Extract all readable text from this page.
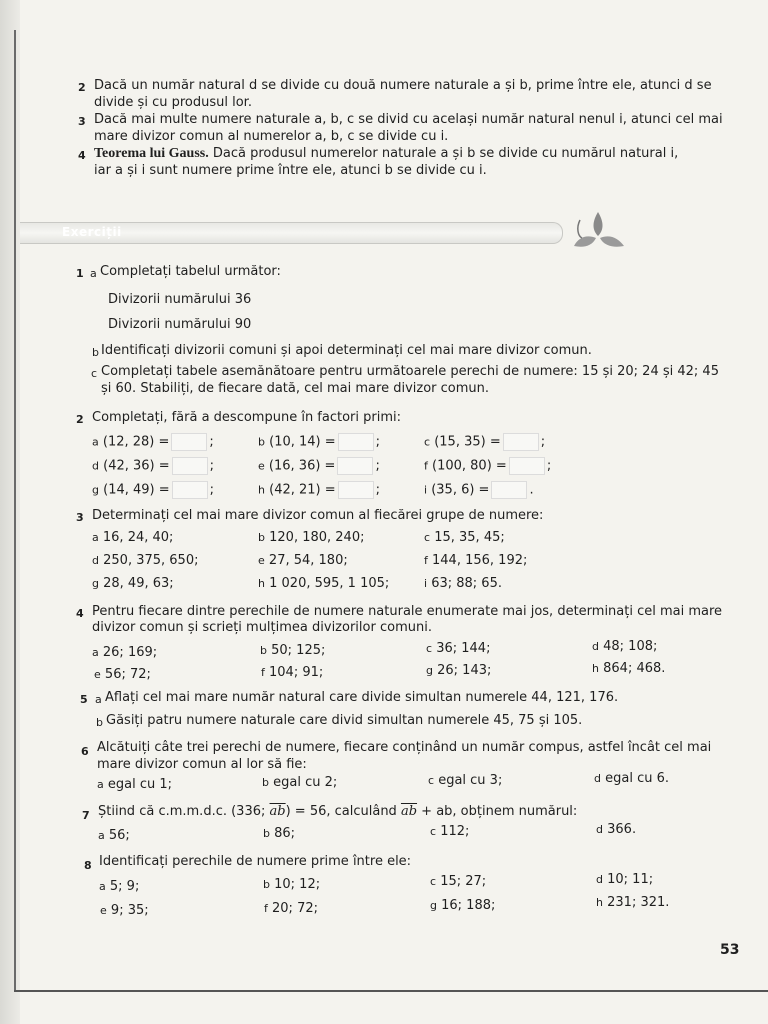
2 Dacă un număr natural d se divide cu două numere naturale a și b, prime între ele, atunci d se
divide și cu produsul lor.
3 Dacă mai multe numere naturale a, b, c se divid cu același număr natural nenul i, atunci cel mai
mare divizor comun al numerelor a, b, c se divide cu i.
4 Teorema lui Gauss. Dacă produsul numerelor naturale a și b se divide cu numărul natural i,
iar a și i sunt numere prime între ele, atunci b se divide cu i.
Exerciții
1 a Completați tabelul următor:
Divizorii numărului 36
Divizorii numărului 90
b Identificați divizorii comuni și apoi determinați cel mai mare divizor comun.
c Completați tabele asemănătoare pentru următoarele perechi de numere: 15 și 20; 24 și 42; 45
și 60. Stabiliți, de fiecare dată, cel mai mare divizor comun.
2 Completați, fără a descompune în factori primi:
a (12, 28) =	;	b (10, 14) =	;	c (15, 35) =	;
d (42, 36) =	;	e (16, 36) =	;	f (100, 80) =	;
g (14, 49) =	;	h (42, 21) =	;	i (35, 6) =	.
3 Determinați cel mai mare divizor comun al fiecărei grupe de numere:
a 16, 24, 40;	b 120, 180, 240;	c 15, 35, 45;
d 250, 375, 650;	e 27, 54, 180;	f 144, 156, 192;
g 28, 49, 63;	h 1 020, 595, 1 105;	i 63; 88; 65.
4 Pentru fiecare dintre perechile de numere naturale enumerate mai jos, determinați cel mai mare
divizor comun și scrieți mulțimea divizorilor comuni.
a 26; 169;	b 50; 125;	c 36; 144;	d 48; 108;
e 56; 72;	f 104; 91;	g 26; 143;	h 864; 468.
5 a Aflați cel mai mare număr natural care divide simultan numerele 44, 121, 176.
b Găsiți patru numere naturale care divid simultan numerele 45, 75 și 105.
6 Alcătuiți câte trei perechi de numere, fiecare conținând un număr compus, astfel încât cel mai
mare divizor comun al lor să fie:
a egal cu 1;	b egal cu 2;	c egal cu 3;	d egal cu 6.
7 Știind că c.m.m.d.c. (336; $\overline{ab}) = 56$, calculând $\overline{ab}$ + ab, obținem numărul:
a 56;	b 86;	c 112;	d 366.
8 Identificați perechile de numere prime între ele:
a 5; 9;	b 10; 12;	c 15; 27;	d 10; 11;
e 9; 35;	f 20; 72;	g 16; 188;	h 231; 321.
53
